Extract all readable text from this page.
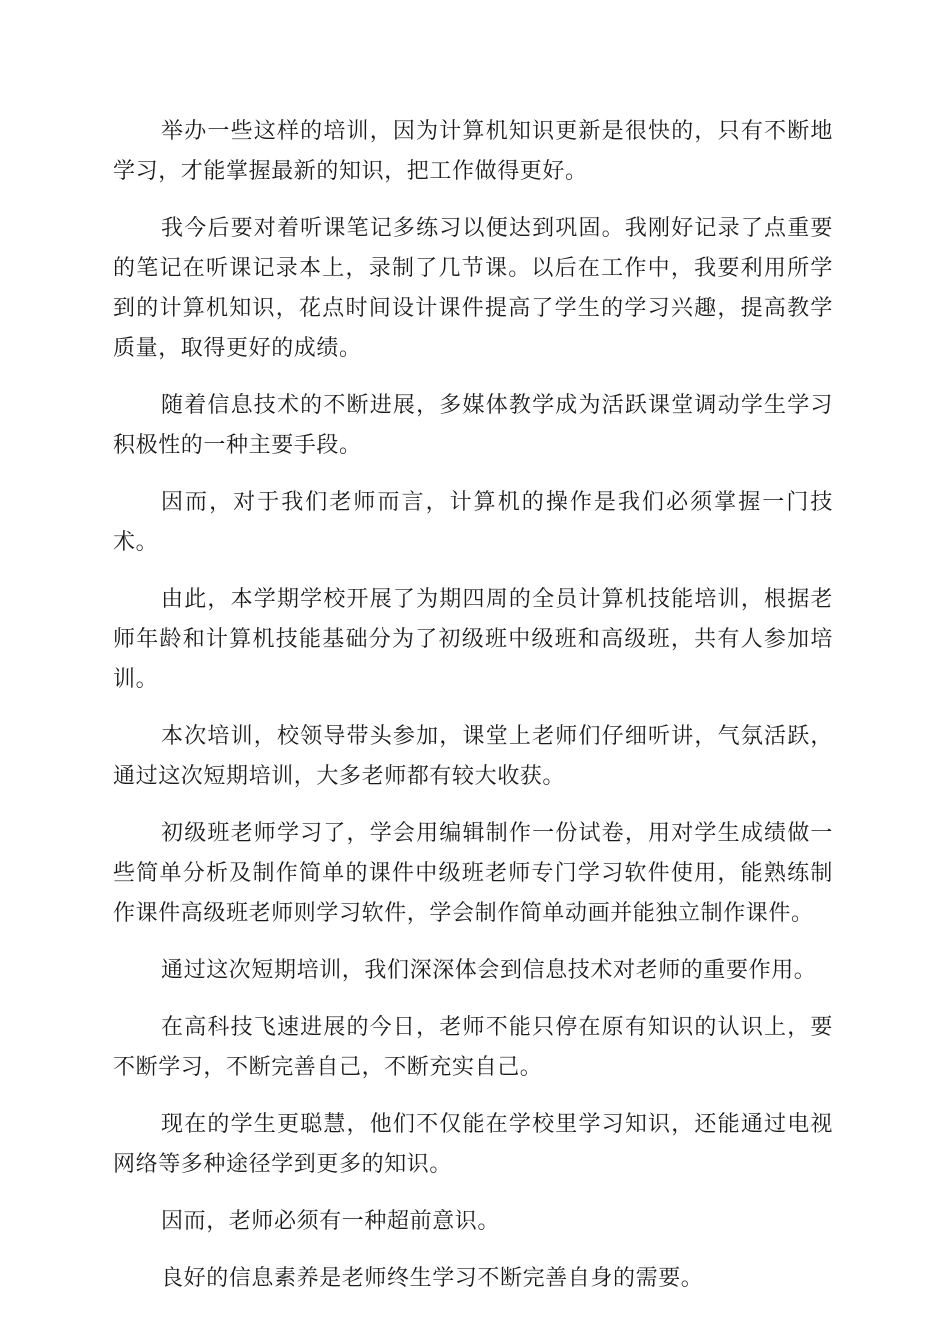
举办一些这样的培训，因为计算机知识更新是很快的，只有不断地学习，才能掌握最新的知识，把工作做得更好。

我今后要对着听课笔记多练习以便达到巩固。我刚好记录了点重要的笔记在听课记录本上，录制了几节课。以后在工作中，我要利用所学到的计算机知识，花点时间设计课件提高了学生的学习兴趣，提高教学质量，取得更好的成绩。

随着信息技术的不断进展，多媒体教学成为活跃课堂调动学生学习积极性的一种主要手段。

因而，对于我们老师而言，计算机的操作是我们必须掌握一门技术。

由此，本学期学校开展了为期四周的全员计算机技能培训，根据老师年龄和计算机技能基础分为了初级班中级班和高级班，共有人参加培训。

本次培训，校领导带头参加，课堂上老师们仔细听讲，气氛活跃，通过这次短期培训，大多老师都有较大收获。

初级班老师学习了，学会用编辑制作一份试卷，用对学生成绩做一些简单分析及制作简单的课件中级班老师专门学习软件使用，能熟练制作课件高级班老师则学习软件，学会制作简单动画并能独立制作课件。

通过这次短期培训，我们深深体会到信息技术对老师的重要作用。

在高科技飞速进展的今日，老师不能只停在原有知识的认识上，要不断学习，不断完善自己，不断充实自己。

现在的学生更聪慧，他们不仅能在学校里学习知识，还能通过电视网络等多种途径学到更多的知识。

因而，老师必须有一种超前意识。

良好的信息素养是老师终生学习不断完善自身的需要。
